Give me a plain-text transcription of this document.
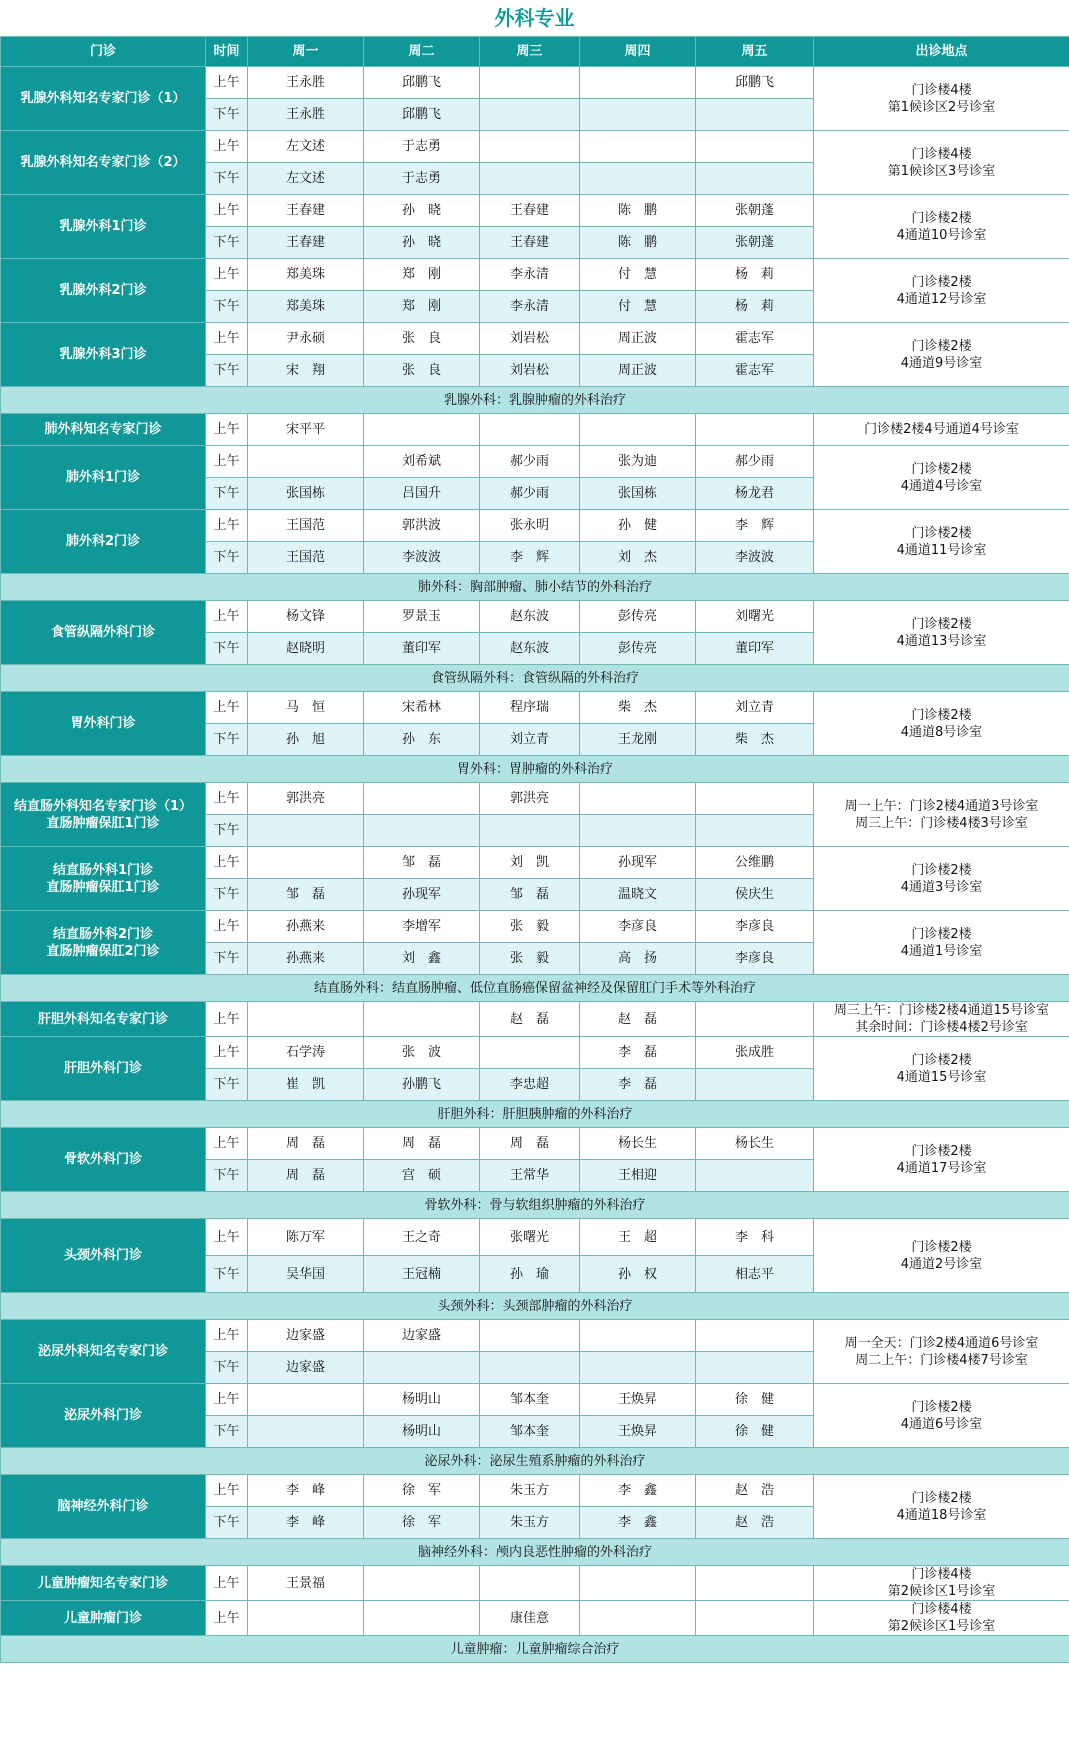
外科专业
门诊	时间	周一	周二	周三	周四	周五	出诊地点
乳腺外科知名专家门诊（1）	上午	王永胜	邱鹏飞			邱鹏飞	门诊楼4楼
第1候诊区2号诊室
	下午	王永胜	邱鹏飞				
乳腺外科知名专家门诊（2）	上午	左文述	于志勇				门诊楼4楼
第1候诊区3号诊室
	下午	左文述	于志勇				
乳腺外科1门诊	上午	王春建	孙　晓	王春建	陈　鹏	张朝蓬	门诊楼2楼
4通道10号诊室
	下午	王春建	孙　晓	王春建	陈　鹏	张朝蓬	
乳腺外科2门诊	上午	郑美珠	郑　刚	李永清	付　慧	杨　莉	门诊楼2楼
4通道12号诊室
	下午	郑美珠	郑　刚	李永清	付　慧	杨　莉	
乳腺外科3门诊	上午	尹永硕	张　良	刘岩松	周正波	霍志军	门诊楼2楼
4通道9号诊室
	下午	宋　翔	张　良	刘岩松	周正波	霍志军	
乳腺外科：乳腺肿瘤的外科治疗							
肺外科知名专家门诊	上午	宋平平					门诊楼2楼4号通道4号诊室
肺外科1门诊	上午		刘希斌	郝少雨	张为迪	郝少雨	门诊楼2楼
4通道4号诊室
	下午	张国栋	吕国升	郝少雨	张国栋	杨龙君	
肺外科2门诊	上午	王国范	郭洪波	张永明	孙　健	李　辉	门诊楼2楼
4通道11号诊室
	下午	王国范	李波波	李　辉	刘　杰	李波波	
肺外科：胸部肿瘤、肺小结节的外科治疗							
食管纵隔外科门诊	上午	杨文锋	罗景玉	赵东波	彭传亮	刘曙光	门诊楼2楼
4通道13号诊室
	下午	赵晓明	董印军	赵东波	彭传亮	董印军	
食管纵隔外科：食管纵隔的外科治疗							
胃外科门诊	上午	马　恒	宋希林	程序瑞	柴　杰	刘立青	门诊楼2楼
4通道8号诊室
	下午	孙　旭	孙　东	刘立青	王龙刚	柴　杰	
胃外科：胃肿瘤的外科治疗							
结直肠外科知名专家门诊（1）
直肠肿瘤保肛1门诊	上午	郭洪亮		郭洪亮			周一上午：门诊2楼4通道3号诊室
周三上午：门诊楼4楼3号诊室
	下午						
结直肠外科1门诊
直肠肿瘤保肛1门诊	上午		邹　磊	刘　凯	孙现军	公维鹏	门诊楼2楼
4通道3号诊室
	下午	邹　磊	孙现军	邹　磊	温晓文	侯庆生	
结直肠外科2门诊
直肠肿瘤保肛2门诊	上午	孙燕来	李增军	张　毅	李彦良	李彦良	门诊楼2楼
4通道1号诊室
	下午	孙燕来	刘　鑫	张　毅	高　扬	李彦良	
结直肠外科：结直肠肿瘤、低位直肠癌保留盆神经及保留肛门手术等外科治疗							
肝胆外科知名专家门诊	上午			赵　磊	赵　磊		周三上午：门诊楼2楼4通道15号诊室
其余时间：门诊楼4楼2号诊室
肝胆外科门诊	上午	石学涛	张　波		李　磊	张成胜	门诊楼2楼
4通道15号诊室
	下午	崔　凯	孙鹏飞	李忠超	李　磊		
肝胆外科：肝胆胰肿瘤的外科治疗							
骨软外科门诊	上午	周　磊	周　磊	周　磊	杨长生	杨长生	门诊楼2楼
4通道17号诊室
	下午	周　磊	宫　硕	王常华	王相迎		
骨软外科：骨与软组织肿瘤的外科治疗							
头颈外科门诊	上午	陈万军	王之奇	张曙光	王　超	李　科	门诊楼2楼
4通道2号诊室
	下午	吴华国	王冠楠	孙　瑜	孙　权	相志平	
头颈外科：头颈部肿瘤的外科治疗							
泌尿外科知名专家门诊	上午	边家盛	边家盛				周一全天：门诊2楼4通道6号诊室
周二上午：门诊楼4楼7号诊室
	下午	边家盛					
泌尿外科门诊	上午		杨明山	邹本奎	王焕昇	徐　健	门诊楼2楼
4通道6号诊室
	下午		杨明山	邹本奎	王焕昇	徐　健	
泌尿外科：泌尿生殖系肿瘤的外科治疗							
脑神经外科门诊	上午	李　峰	徐　军	朱玉方	李　鑫	赵　浩	门诊楼2楼
4通道18号诊室
	下午	李　峰	徐　军	朱玉方	李　鑫	赵　浩	
脑神经外科：颅内良恶性肿瘤的外科治疗							
儿童肿瘤知名专家门诊	上午	王景福					门诊楼4楼
第2候诊区1号诊室
儿童肿瘤门诊	上午			康佳意			门诊楼4楼
第2候诊区1号诊室
儿童肿瘤：儿童肿瘤综合治疗							
